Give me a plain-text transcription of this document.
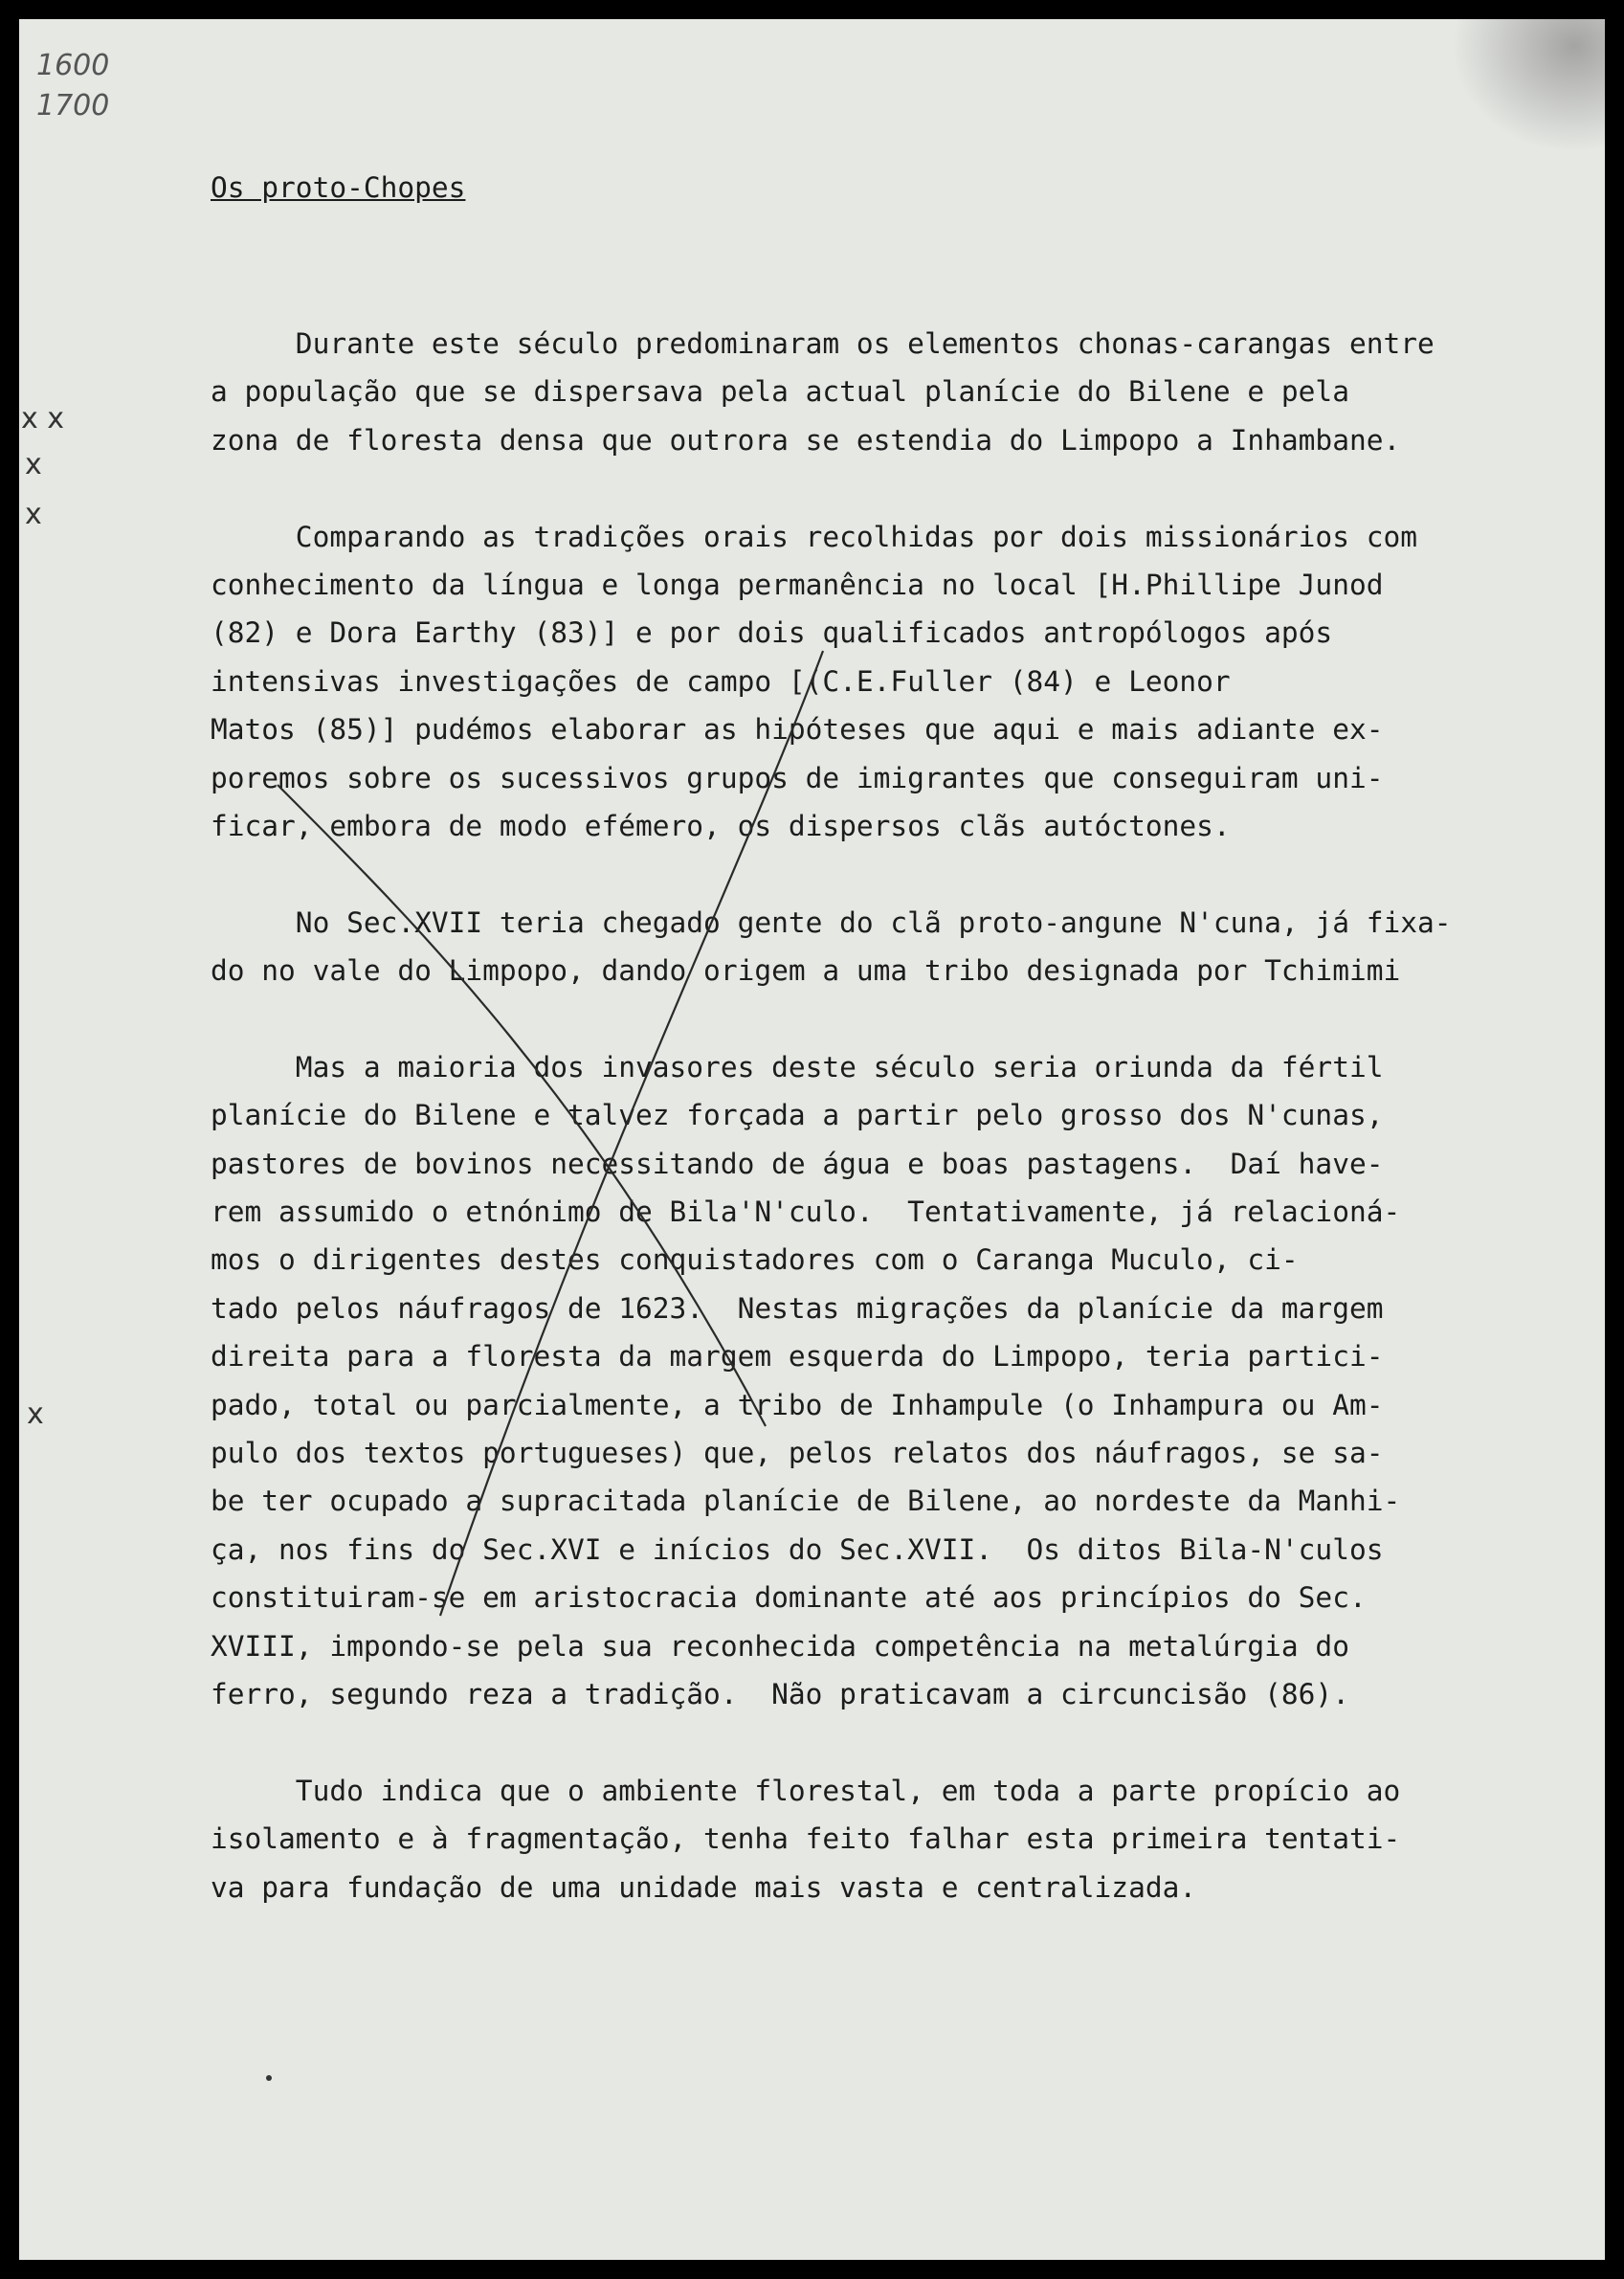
1600
1700
x x
x
x
x

Os proto-Chopes

Durante este século predominaram os elementos chonas-carangas entre
a população que se dispersava pela actual planície do Bilene e pela
zona de floresta densa que outrora se estendia do Limpopo a Inhambane.
Comparando as tradições orais recolhidas por dois missionários com
conhecimento da língua e longa permanência no local [H.Phillipe Junod
(82) e Dora Earthy (83)] e por dois qualificados antropólogos após
intensivas investigações de campo [(C.E.Fuller (84) e Leonor
Matos (85)] pudémos elaborar as hipóteses que aqui e mais adiante ex-
poremos sobre os sucessivos grupos de imigrantes que conseguiram uni-
ficar, embora de modo efémero, os dispersos clãs autóctones.
No Sec.XVII teria chegado gente do clã proto-angune N'cuna, já fixa-
do no vale do Limpopo, dando origem a uma tribo designada por Tchimimi
Mas a maioria dos invasores deste século seria oriunda da fértil
planície do Bilene e talvez forçada a partir pelo grosso dos N'cunas,
pastores de bovinos necessitando de água e boas pastagens.  Daí have-
rem assumido o etnónimo de Bila'N'culo.  Tentativamente, já relacioná-
mos o dirigentes destes conquistadores com o Caranga Muculo, ci-
tado pelos náufragos de 1623.  Nestas migrações da planície da margem
direita para a floresta da margem esquerda do Limpopo, teria partici-
pado, total ou parcialmente, a tribo de Inhampule (o Inhampura ou Am-
pulo dos textos portugueses) que, pelos relatos dos náufragos, se sa-
be ter ocupado a supracitada planície de Bilene, ao nordeste da Manhi-
ça, nos fins do Sec.XVI e inícios do Sec.XVII.  Os ditos Bila-N'culos
constituiram-se em aristocracia dominante até aos princípios do Sec.
XVIII, impondo-se pela sua reconhecida competência na metalúrgia do
ferro, segundo reza a tradição.  Não praticavam a circuncisão (86).
Tudo indica que o ambiente florestal, em toda a parte propício ao
isolamento e à fragmentação, tenha feito falhar esta primeira tentati-
va para fundação de uma unidade mais vasta e centralizada.
